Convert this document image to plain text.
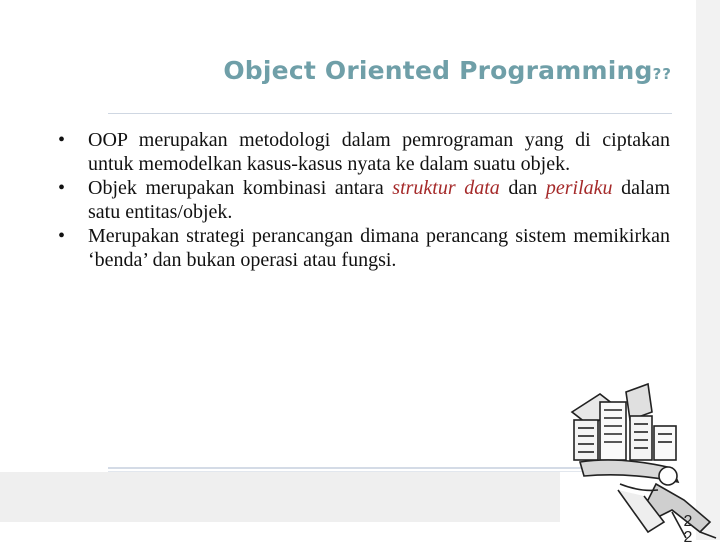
Object Oriented Programming??
• OOP merupakan metodologi dalam pemrograman yang di ciptakan untuk memodelkan kasus-kasus nyata ke dalam suatu objek.
• Objek merupakan kombinasi antara struktur data dan perilaku dalam satu entitas/objek.
• Merupakan strategi perancangan dimana perancang sistem memikirkan ‘benda’ dan bukan operasi atau fungsi.
2
2
